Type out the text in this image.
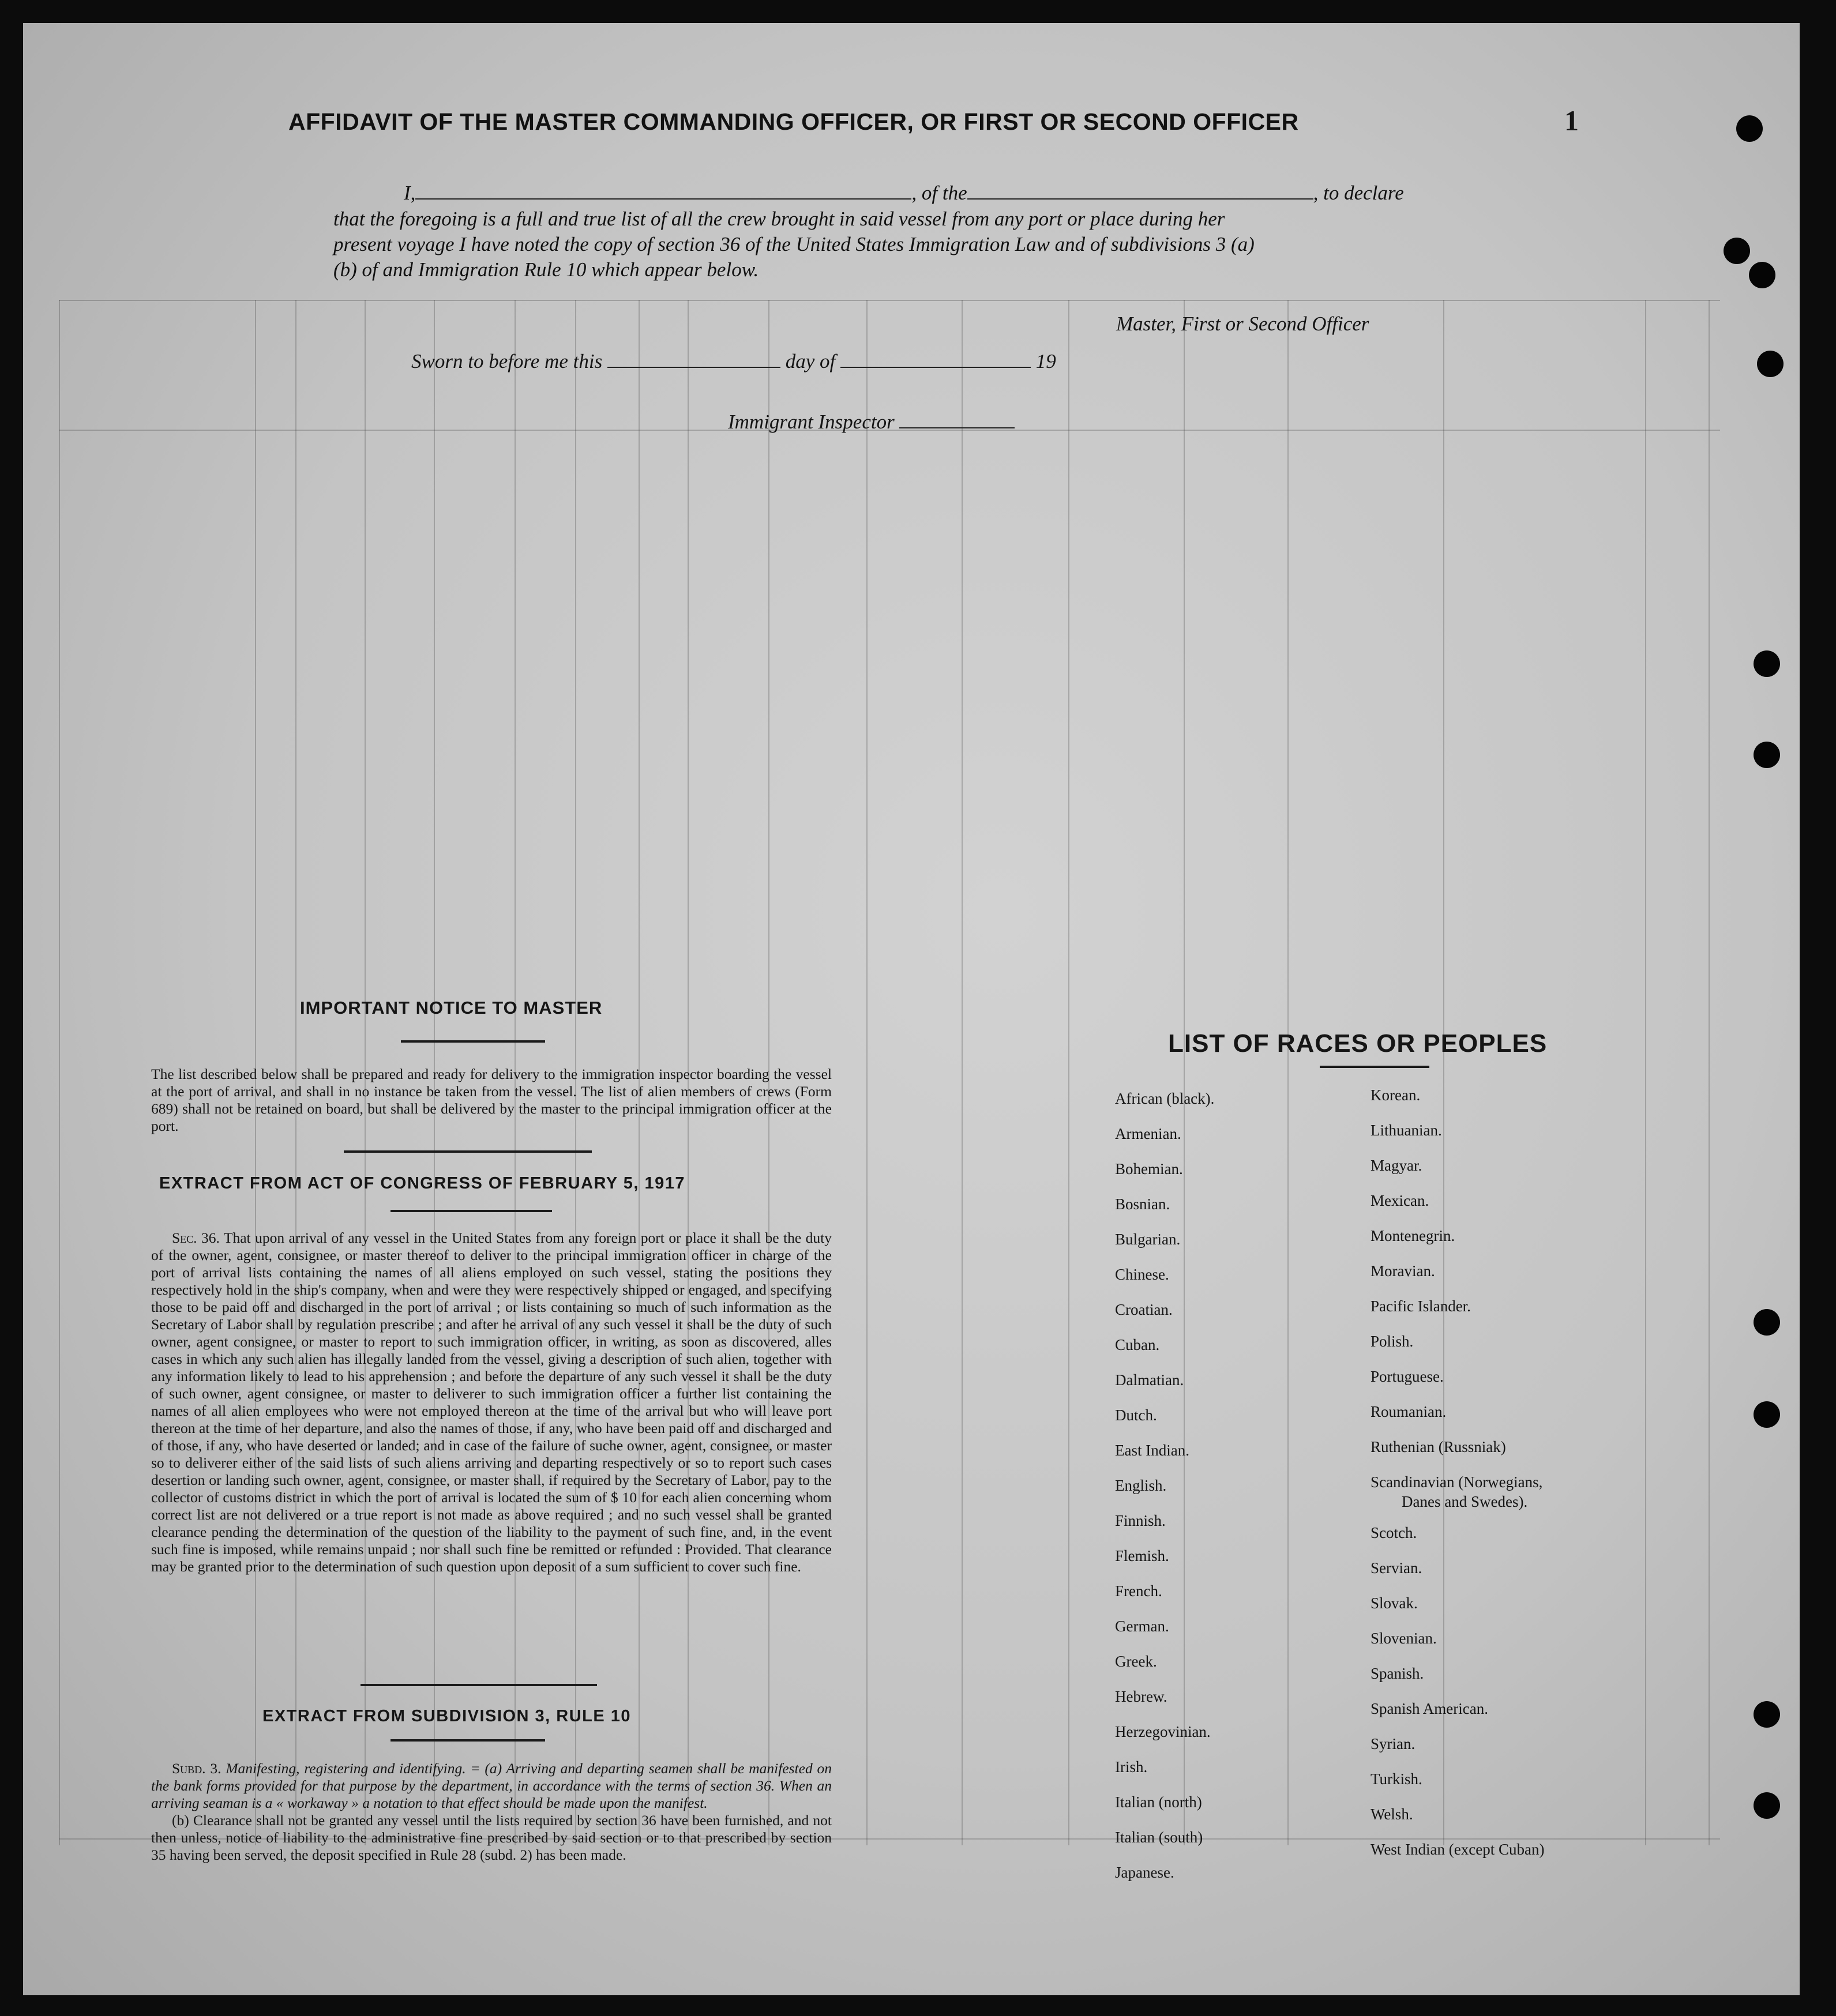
AFFIDAVIT OF THE MASTER COMMANDING OFFICER, OR FIRST OR SECOND OFFICER	1
I,	, of the	, to declare
that the foregoing is a full and true list of all the crew brought in said vessel from any port or place during her
present voyage I have noted the copy of section 36 of the United States Immigration Law and of subdivisions 3 (a)
(b) of and Immigration Rule 10 which appear below.
Master, First or Second Officer
Sworn to before me this	day of	19
Immigrant Inspector
IMPORTANT NOTICE TO MASTER

The list described below shall be prepared and ready for delivery to the immigration inspector boarding the vessel at the port of arrival, and shall in no instance be taken from the vessel. The list of alien members of crews (Form 689) shall not be retained on board, but shall be delivered by the master to the principal immigration officer at the port.

EXTRACT FROM ACT OF CONGRESS OF FEBRUARY 5, 1917

Sec. 36. That upon arrival of any vessel in the United States from any foreign port or place it shall be the duty of the owner, agent, consignee, or master thereof to deliver to the principal immigration officer in charge of the port of arrival lists containing the names of all aliens employed on such vessel, stating the positions they respectively hold in the ship's company, when and were they were respectively shipped or engaged, and specifying those to be paid off and discharged in the port of arrival ; or lists containing so much of such information as the Secretary of Labor shall by regulation prescribe ; and after he arrival of any such vessel it shall be the duty of such owner, agent consignee, or master to report to such immigration officer, in writing, as soon as discovered, alles cases in which any such alien has illegally landed from the vessel, giving a description of such alien, together with any information likely to lead to his apprehension ; and before the departure of any such vessel it shall be the duty of such owner, agent consignee, or master to deliverer to such immigration officer a further list containing the names of all alien employees who were not employed thereon at the time of the arrival but who will leave port thereon at the time of her departure, and also the names of those, if any, who have been paid off and discharged and of those, if any, who have deserted or landed; and in case of the failure of suche owner, agent, consignee, or master so to deliverer either of the said lists of such aliens arriving and departing respectively or so to report such cases desertion or landing such owner, agent, consignee, or master shall, if required by the Secretary of Labor, pay to the collector of customs district in which the port of arrival is located the sum of $ 10 for each alien concerning whom correct list are not delivered or a true report is not made as above required ; and no such vessel shall be granted clearance pending the determination of the question of the liability to the payment of such fine, and, in the event such fine is imposed, while remains unpaid ; nor shall such fine be remitted or refunded : Provided. That clearance may be granted prior to the determination of such question upon deposit of a sum sufficient to cover such fine.

EXTRACT FROM SUBDIVISION 3, RULE 10

Subd. 3. Manifesting, registering and identifying. = (a) Arriving and departing seamen shall be manifested on the bank forms provided for that purpose by the department, in accordance with the terms of section 36. When an arriving seaman is a « workaway » a notation to that effect should be made upon the manifest.

(b) Clearance shall not be granted any vessel until the lists required by section 36 have been furnished, and not then unless, notice of liability to the administrative fine prescribed by said section or to that prescribed by section 35 having been served, the deposit specified in Rule 28 (subd. 2) has been made.

LIST OF RACES OR PEOPLES
African (black).
Armenian.
Bohemian.
Bosnian.
Bulgarian.
Chinese.
Croatian.
Cuban.
Dalmatian.
Dutch.
East Indian.
English.
Finnish.
Flemish.
French.
German.
Greek.
Hebrew.
Herzegovinian.
Irish.
Italian (north)
Italian (south)
Japanese.
Korean.
Lithuanian.
Magyar.
Mexican.
Montenegrin.
Moravian.
Pacific Islander.
Polish.
Portuguese.
Roumanian.
Ruthenian (Russniak)
Scandinavian (Norwegians,
Danes and Swedes).
Scotch.
Servian.
Slovak.
Slovenian.
Spanish.
Spanish American.
Syrian.
Turkish.
Welsh.
West Indian (except Cuban)
